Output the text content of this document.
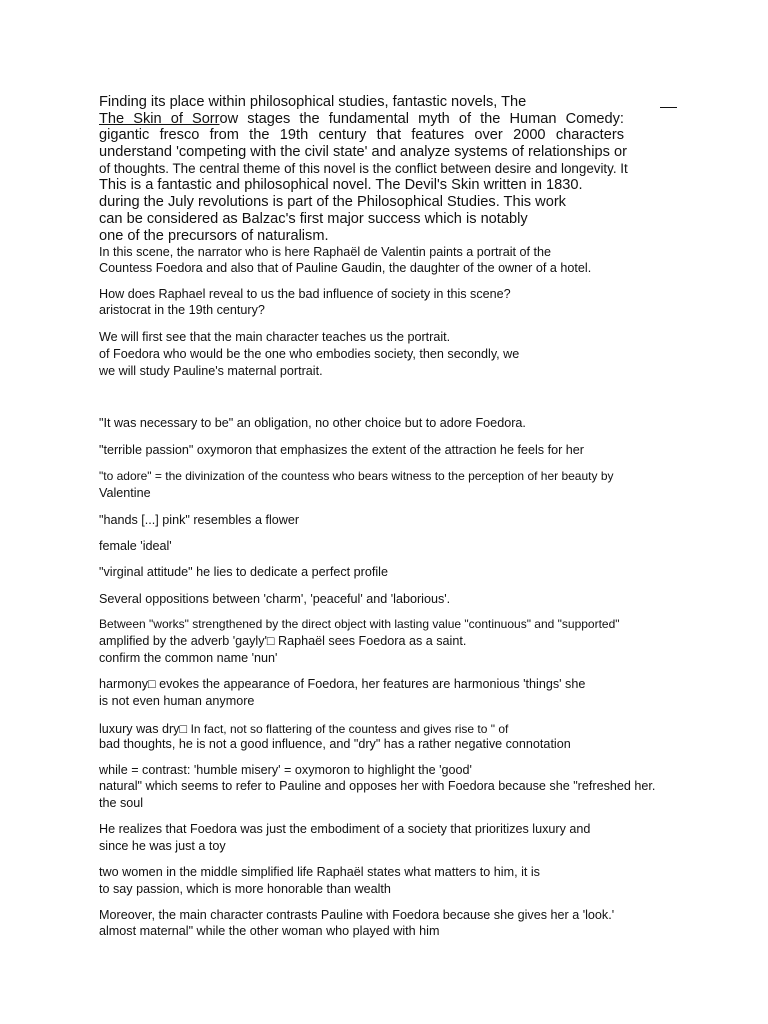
Finding its place within philosophical studies, fantastic novels, The
The Skin of Sorrow stages the fundamental myth of the Human Comedy:
gigantic fresco from the 19th century that features over 2000 characters
understand 'competing with the civil state' and analyze systems of relationships or
of thoughts. The central theme of this novel is the conflict between desire and longevity. It
This is a fantastic and philosophical novel. The Devil's Skin written in 1830.
during the July revolutions is part of the Philosophical Studies. This work
can be considered as Balzac's first major success which is notably
one of the precursors of naturalism.
In this scene, the narrator who is here Raphaël de Valentin paints a portrait of the
Countess Foedora and also that of Pauline Gaudin, the daughter of the owner of a hotel.
How does Raphael reveal to us the bad influence of society in this scene?
aristocrat in the 19th century?
We will first see that the main character teaches us the portrait.
of Foedora who would be the one who embodies society, then secondly, we
we will study Pauline's maternal portrait.
"It was necessary to be" an obligation, no other choice but to adore Foedora.
"terrible passion" oxymoron that emphasizes the extent of the attraction he feels for her
"to adore" = the divinization of the countess who bears witness to the perception of her beauty by
Valentine
"hands [...] pink" resembles a flower
female 'ideal'
"virginal attitude" he lies to dedicate a perfect profile
Several oppositions between 'charm', 'peaceful' and 'laborious'.
Between "works" strengthened by the direct object with lasting value "continuous" and "supported"
amplified by the adverb 'gayly'□ Raphaël sees Foedora as a saint.
confirm the common name 'nun'
harmony□ evokes the appearance of Foedora, her features are harmonious 'things' she
is not even human anymore
luxury was dry□ In fact, not so flattering of the countess and gives rise to " of
bad thoughts, he is not a good influence, and "dry" has a rather negative connotation
while = contrast: 'humble misery' = oxymoron to highlight the 'good'
natural" which seems to refer to Pauline and opposes her with Foedora because she "refreshed her.
the soul
He realizes that Foedora was just the embodiment of a society that prioritizes luxury and
since he was just a toy
two women in the middle simplified life Raphaël states what matters to him, it is
to say passion, which is more honorable than wealth
Moreover, the main character contrasts Pauline with Foedora because she gives her a 'look.'
almost maternal" while the other woman who played with him
